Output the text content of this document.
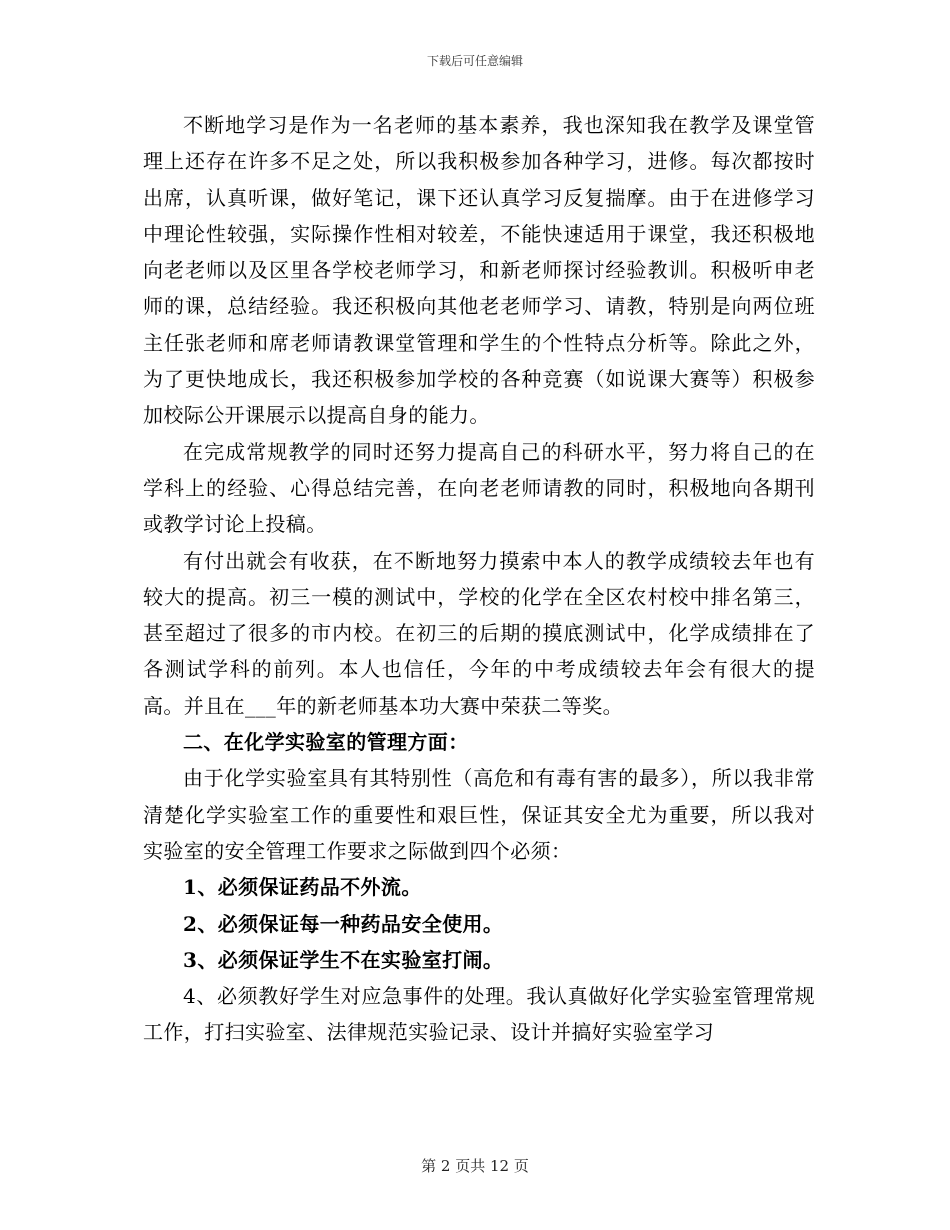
下载后可任意编辑

不断地学习是作为一名老师的基本素养，我也深知我在教学及课堂管理上还存在许多不足之处，所以我积极参加各种学习，进修。每次都按时出席，认真听课，做好笔记，课下还认真学习反复揣摩。由于在进修学习中理论性较强，实际操作性相对较差，不能快速适用于课堂，我还积极地向老老师以及区里各学校老师学习，和新老师探讨经验教训。积极听申老师的课，总结经验。我还积极向其他老老师学习、请教，特别是向两位班主任张老师和席老师请教课堂管理和学生的个性特点分析等。除此之外，为了更快地成长，我还积极参加学校的各种竞赛（如说课大赛等）积极参加校际公开课展示以提高自身的能力。

在完成常规教学的同时还努力提高自己的科研水平，努力将自己的在学科上的经验、心得总结完善，在向老老师请教的同时，积极地向各期刊或教学讨论上投稿。

有付出就会有收获，在不断地努力摸索中本人的教学成绩较去年也有较大的提高。初三一模的测试中，学校的化学在全区农村校中排名第三，甚至超过了很多的市内校。在初三的后期的摸底测试中，化学成绩排在了各测试学科的前列。本人也信任，今年的中考成绩较去年会有很大的提高。并且在___年的新老师基本功大赛中荣获二等奖。

二、在化学实验室的管理方面：

由于化学实验室具有其特别性（高危和有毒有害的最多），所以我非常清楚化学实验室工作的重要性和艰巨性，保证其安全尤为重要，所以我对实验室的安全管理工作要求之际做到四个必须：

1、必须保证药品不外流。

2、必须保证每一种药品安全使用。

3、必须保证学生不在实验室打闹。

4、必须教好学生对应急事件的处理。我认真做好化学实验室管理常规工作，打扫实验室、法律规范实验记录、设计并搞好实验室学习

第 2 页共 12 页
